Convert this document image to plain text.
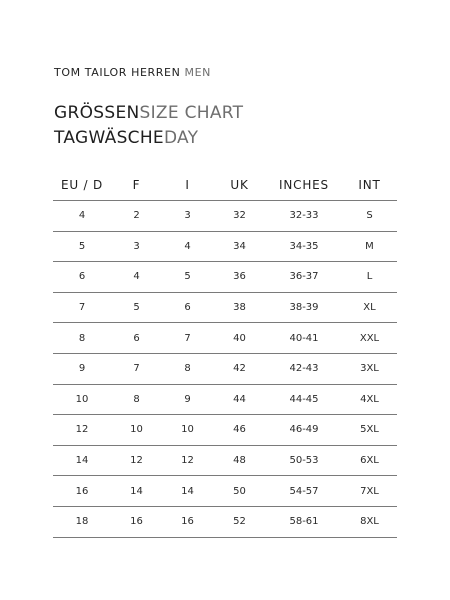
TOM TAILOR HERREN MEN
GRÖSSENSIZE CHART
TAGWÄSCHEDAY
EU / D	F	I	UK	INCHES	INT
4	2	3	32	32-33	S
5	3	4	34	34-35	M
6	4	5	36	36-37	L
7	5	6	38	38-39	XL
8	6	7	40	40-41	XXL
9	7	8	42	42-43	3XL
10	8	9	44	44-45	4XL
12	10	10	46	46-49	5XL
14	12	12	48	50-53	6XL
16	14	14	50	54-57	7XL
18	16	16	52	58-61	8XL
